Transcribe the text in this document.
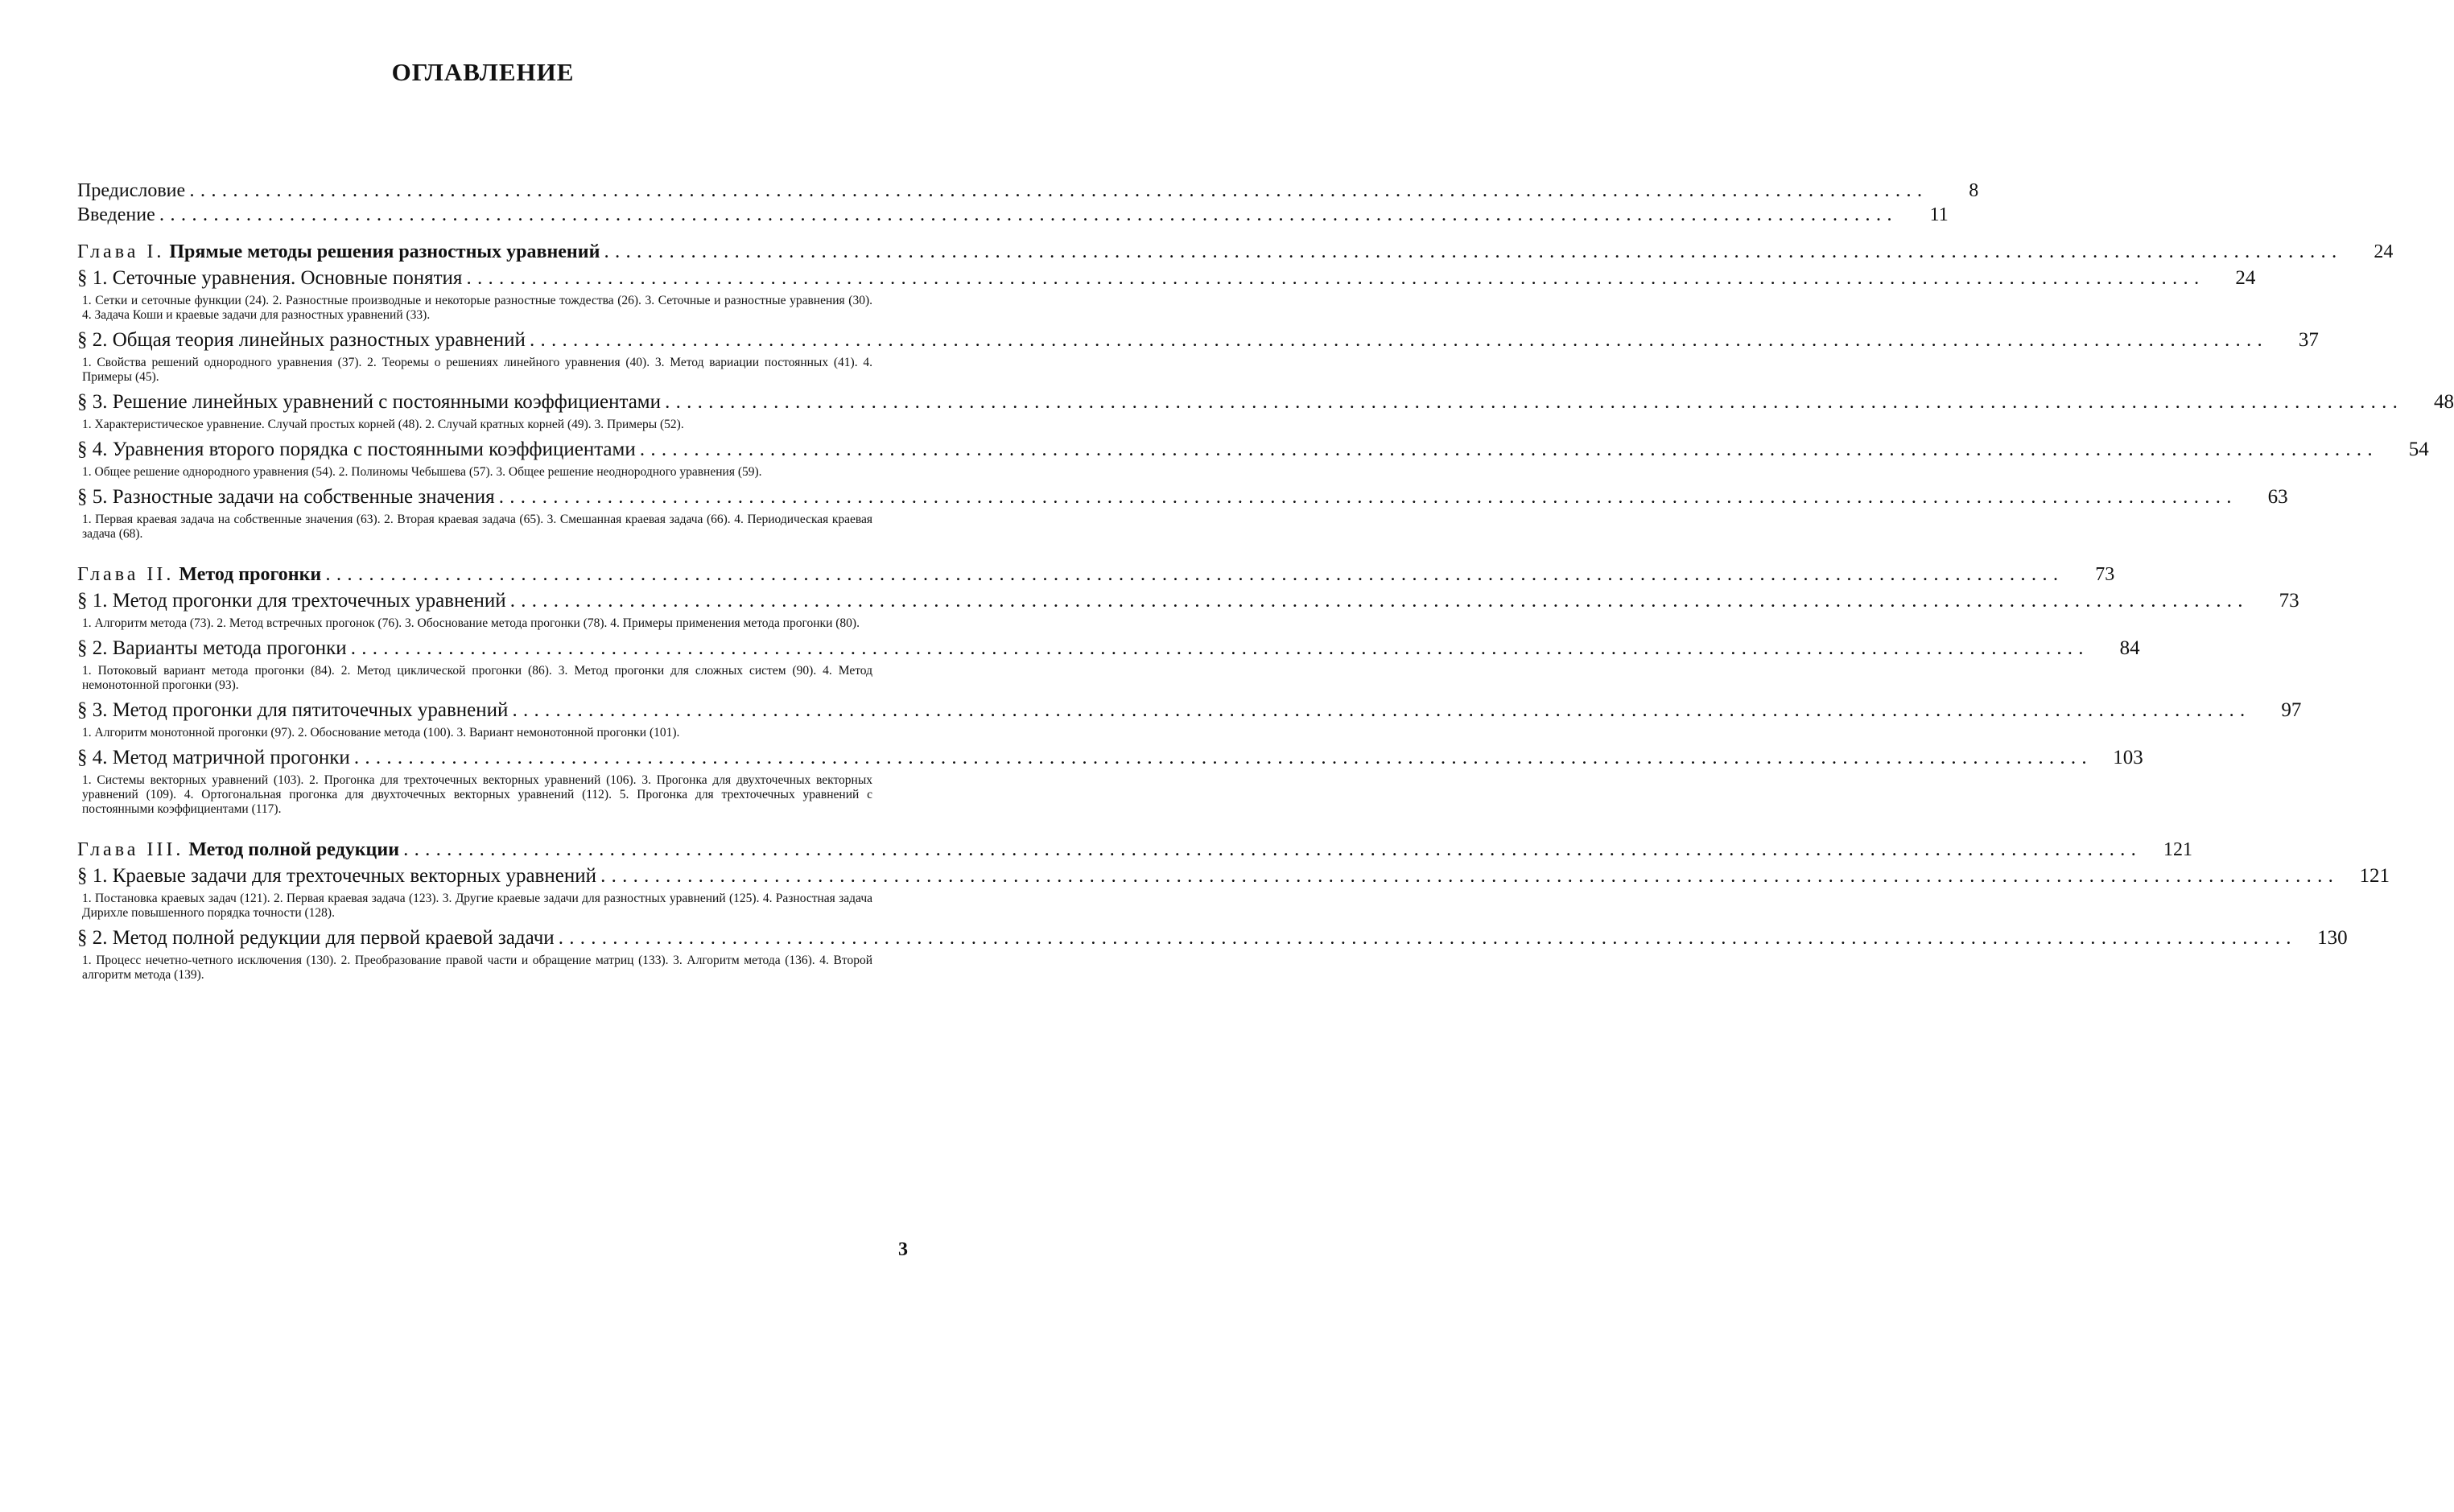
ОГЛАВЛЕНИЕ
Предисловие ................................................................................................................................................................	8
Введение ................................................................................................................................................................	11
Глава I. Прямые методы решения разностных уравнений ................................................................................................................................................................	24
§ 1. Сеточные уравнения. Основные понятия ................................................................................................................................................................	24
1. Сетки и сеточные функции (24). 2. Разностные производные и некоторые разностные тождества (26). 3. Сеточные и разностные уравнения (30). 4. Задача Коши и краевые задачи для разностных уравнений (33).
§ 2. Общая теория линейных разностных уравнений ................................................................................................................................................................	37
1. Свойства решений однородного уравнения (37). 2. Теоремы о решениях линейного уравнения (40). 3. Метод вариации постоянных (41). 4. Примеры (45).
§ 3. Решение линейных уравнений с постоянными коэффициентами ................................................................................................................................................................	48
1. Характеристическое уравнение. Случай простых корней (48). 2. Случай кратных корней (49). 3. Примеры (52).
§ 4. Уравнения второго порядка с постоянными коэффициентами ................................................................................................................................................................	54
1. Общее решение однородного уравнения (54). 2. Полиномы Чебышева (57). 3. Общее решение неоднородного уравнения (59).
§ 5. Разностные задачи на собственные значения ................................................................................................................................................................	63
1. Первая краевая задача на собственные значения (63). 2. Вторая краевая задача (65). 3. Смешанная краевая задача (66). 4. Периодическая краевая задача (68).
Глава II. Метод прогонки ................................................................................................................................................................	73
§ 1. Метод прогонки для трехточечных уравнений ................................................................................................................................................................	73
1. Алгоритм метода (73). 2. Метод встречных прогонок (76). 3. Обоснование метода прогонки (78). 4. Примеры применения метода прогонки (80).
§ 2. Варианты метода прогонки ................................................................................................................................................................	84
1. Потоковый вариант метода прогонки (84). 2. Метод циклической прогонки (86). 3. Метод прогонки для сложных систем (90). 4. Метод немонотонной прогонки (93).
§ 3. Метод прогонки для пятиточечных уравнений ................................................................................................................................................................	97
1. Алгоритм монотонной прогонки (97). 2. Обоснование метода (100). 3. Вариант немонотонной прогонки (101).
§ 4. Метод матричной прогонки ................................................................................................................................................................ 103
1. Системы векторных уравнений (103). 2. Прогонка для трехточечных векторных уравнений (106). 3. Прогонка для двухточечных векторных уравнений (109). 4. Ортогональная прогонка для двухточечных векторных уравнений (112). 5. Прогонка для трехточечных уравнений с постоянными коэффициентами (117).
Глава III. Метод полной редукции ................................................................................................................................................................	121
§ 1. Краевые задачи для трехточечных векторных уравнений ................................................................................................................................................................ 121
1. Постановка краевых задач (121). 2. Первая краевая задача (123). 3. Другие краевые задачи для разностных уравнений (125). 4. Разностная задача Дирихле повышенного порядка точности (128).
§ 2. Метод полной редукции для первой краевой задачи ................................................................................................................................................................ 130
1. Процесс нечетно-четного исключения (130). 2. Преобразование правой части и обращение матриц (133). 3. Алгоритм метода (136). 4. Второй алгоритм метода (139).
3
